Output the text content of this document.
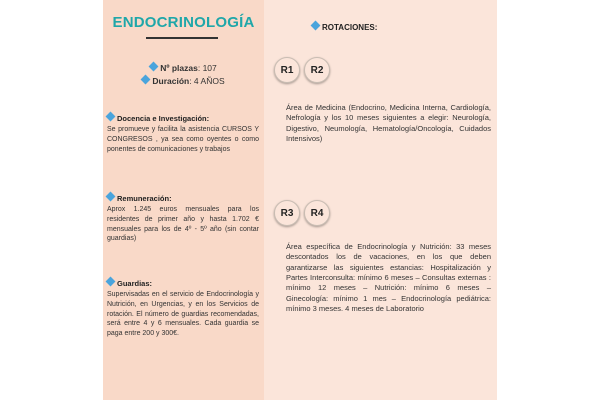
ENDOCRINOLOGÍA
Nº plazas: 107
Duración: 4 AÑOS
Docencia e Investigación:
Se promueve y facilita la asistencia CURSOS Y CONGRESOS , ya sea como oyentes o como ponentes de comunicaciones y trabajos
Remuneración:
Aprox 1.245 euros mensuales para los residentes de primer año y hasta 1.702 € mensuales para los de 4º - 5º año (sin contar guardias)
Guardias:
Supervisadas en el servicio de Endocrinología y Nutrición, en Urgencias, y en los Servicios de rotación. El número de guardias recomendadas, será entre 4 y 6 mensuales. Cada guardia se paga entre 200 y 300€.
ROTACIONES:
R1	R2
Área de Medicina (Endocrino, Medicina Interna, Cardiología, Nefrología y los 10 meses siguientes a elegir: Neurología, Digestivo, Neumología, Hematología/Oncología, Cuidados Intensivos)
R3	R4
Área específica de Endocrinología y Nutrición: 33 meses descontados los de vacaciones, en los que deben garantizarse las siguientes estancias: Hospitalización y Partes Interconsulta: mínimo 6 meses – Consultas externas : mínimo 12 meses – Nutrición: mínimo 6 meses – Ginecología: mínimo 1 mes – Endocrinología pediátrica: mínimo 3 meses. 4 meses de Laboratorio
